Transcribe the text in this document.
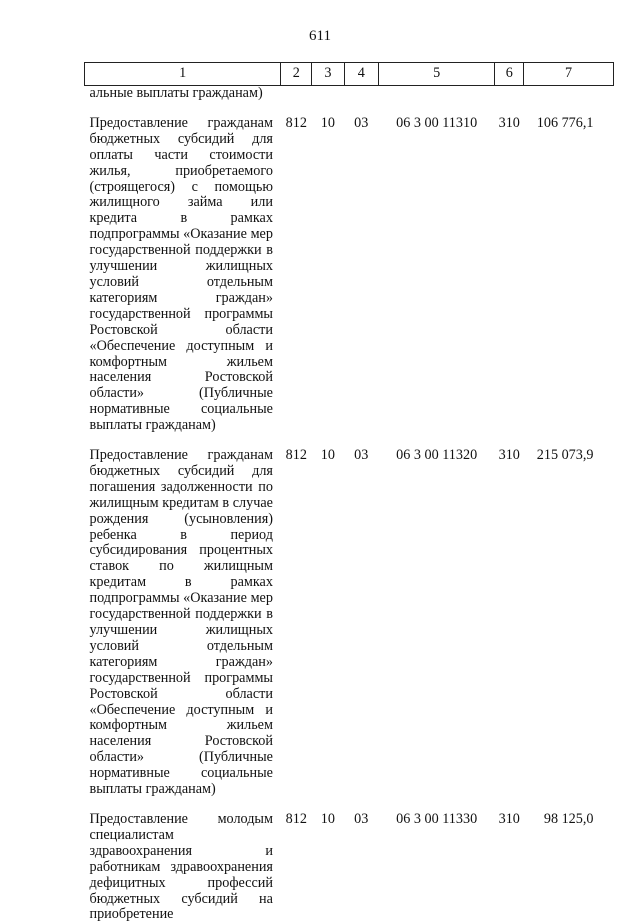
611
1	2	3	4	5	6	7
альные выплаты гражданам)						
Предоставление гражданам бюджетных субсидий для оплаты части стоимости жилья, приобретаемого (строящегося) с помощью жилищного займа или кредита в рамках подпрограммы «Оказание мер государственной поддержки в улучшении жилищных условий отдельным категориям граждан» государственной программы Ростовской области «Обеспечение доступным и комфортным жильем населения Ростовской области» (Публичные нормативные социальные выплаты гражданам)	812	10	03	06 3 00 11310	310	106 776,1
Предоставление гражданам бюджетных субсидий для погашения задолженности по жилищным кредитам в случае рождения (усыновления) ребенка в период субсидирования процентных ставок по жилищным кредитам в рамках подпрограммы «Оказание мер государственной поддержки в улучшении жилищных условий отдельным категориям граждан» государственной программы Ростовской области «Обеспечение доступным и комфортным жильем населения Ростовской области» (Публичные нормативные социальные выплаты гражданам)	812	10	03	06 3 00 11320	310	215 073,9
Предоставление молодым специалистам здравоохранения и работникам здравоохранения дефицитных профессий бюджетных субсидий на приобретение	812	10	03	06 3 00 11330	310	98 125,0
